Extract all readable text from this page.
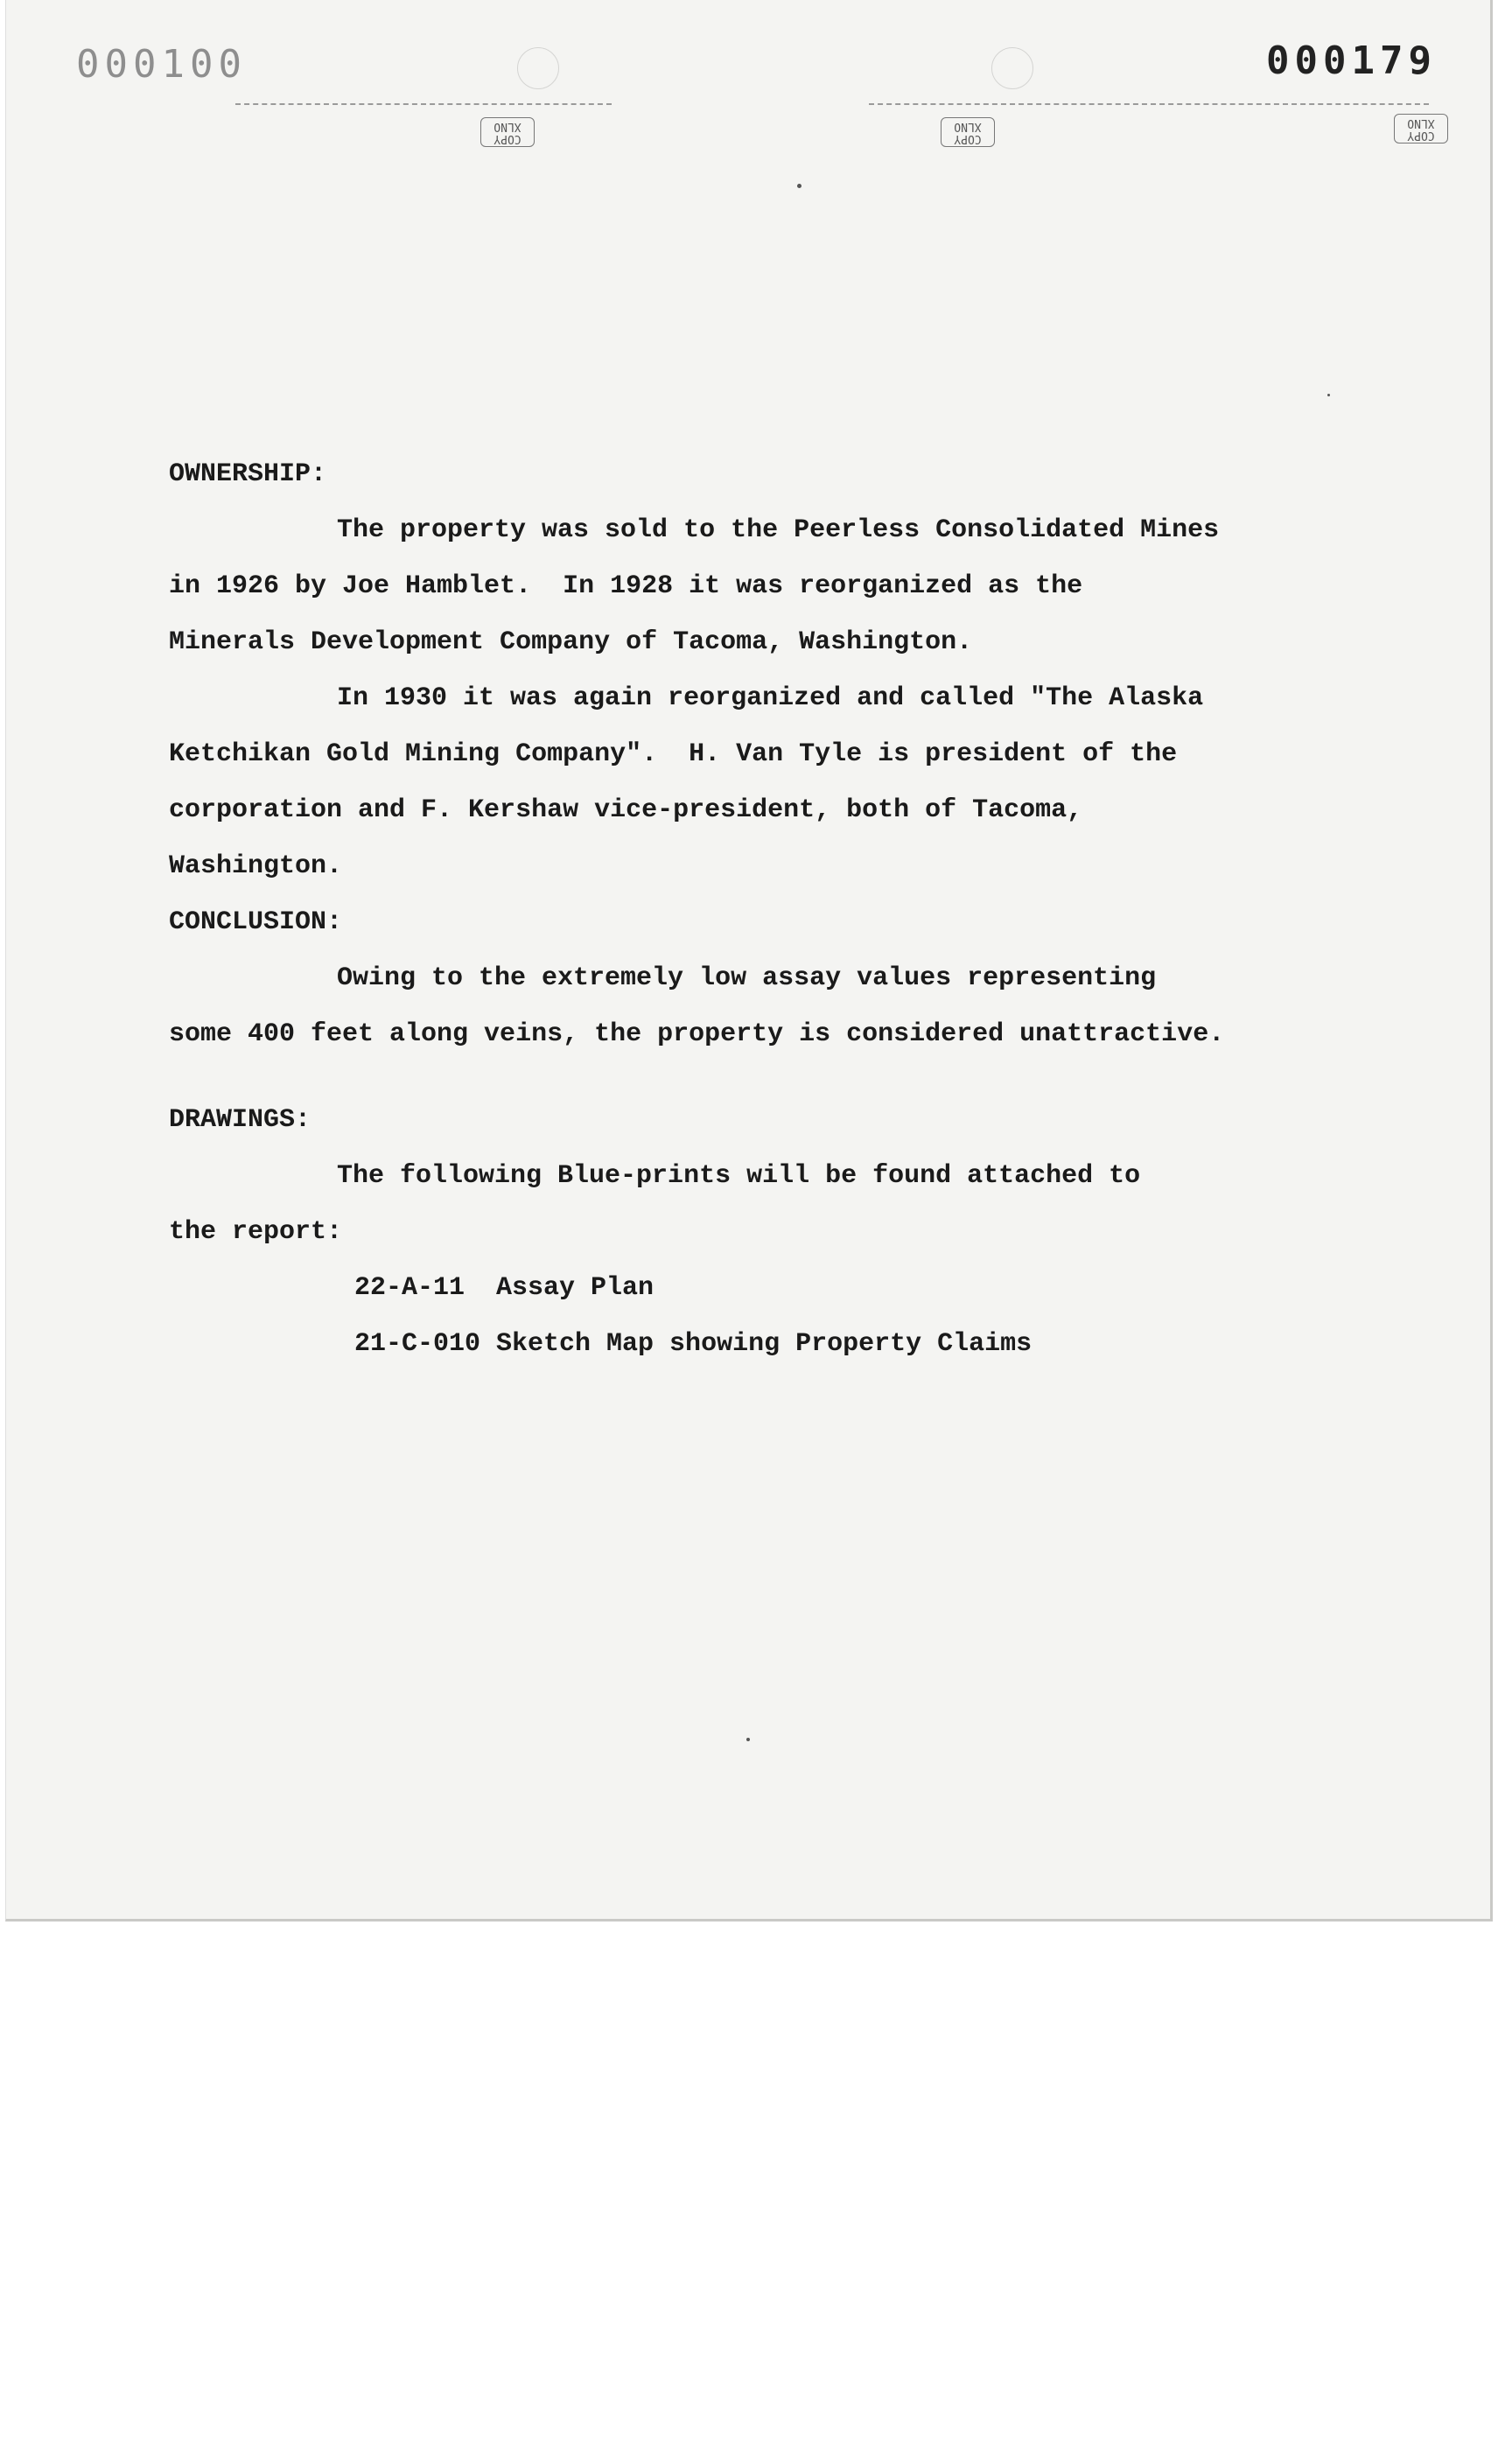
000100	000179
COPY XLNO
COPY XLNO
COPY XLNO
OWNERSHIP:
The property was sold to the Peerless Consolidated Mines
in 1926 by Joe Hamblet.  In 1928 it was reorganized as the
Minerals Development Company of Tacoma, Washington.
In 1930 it was again reorganized and called "The Alaska
Ketchikan Gold Mining Company".  H. Van Tyle is president of the
corporation and F. Kershaw vice-president, both of Tacoma,
Washington.
CONCLUSION:
Owing to the extremely low assay values representing
some 400 feet along veins, the property is considered unattractive.
DRAWINGS:
The following Blue-prints will be found attached to
the report:
22-A-11  Assay Plan
21-C-010 Sketch Map showing Property Claims
